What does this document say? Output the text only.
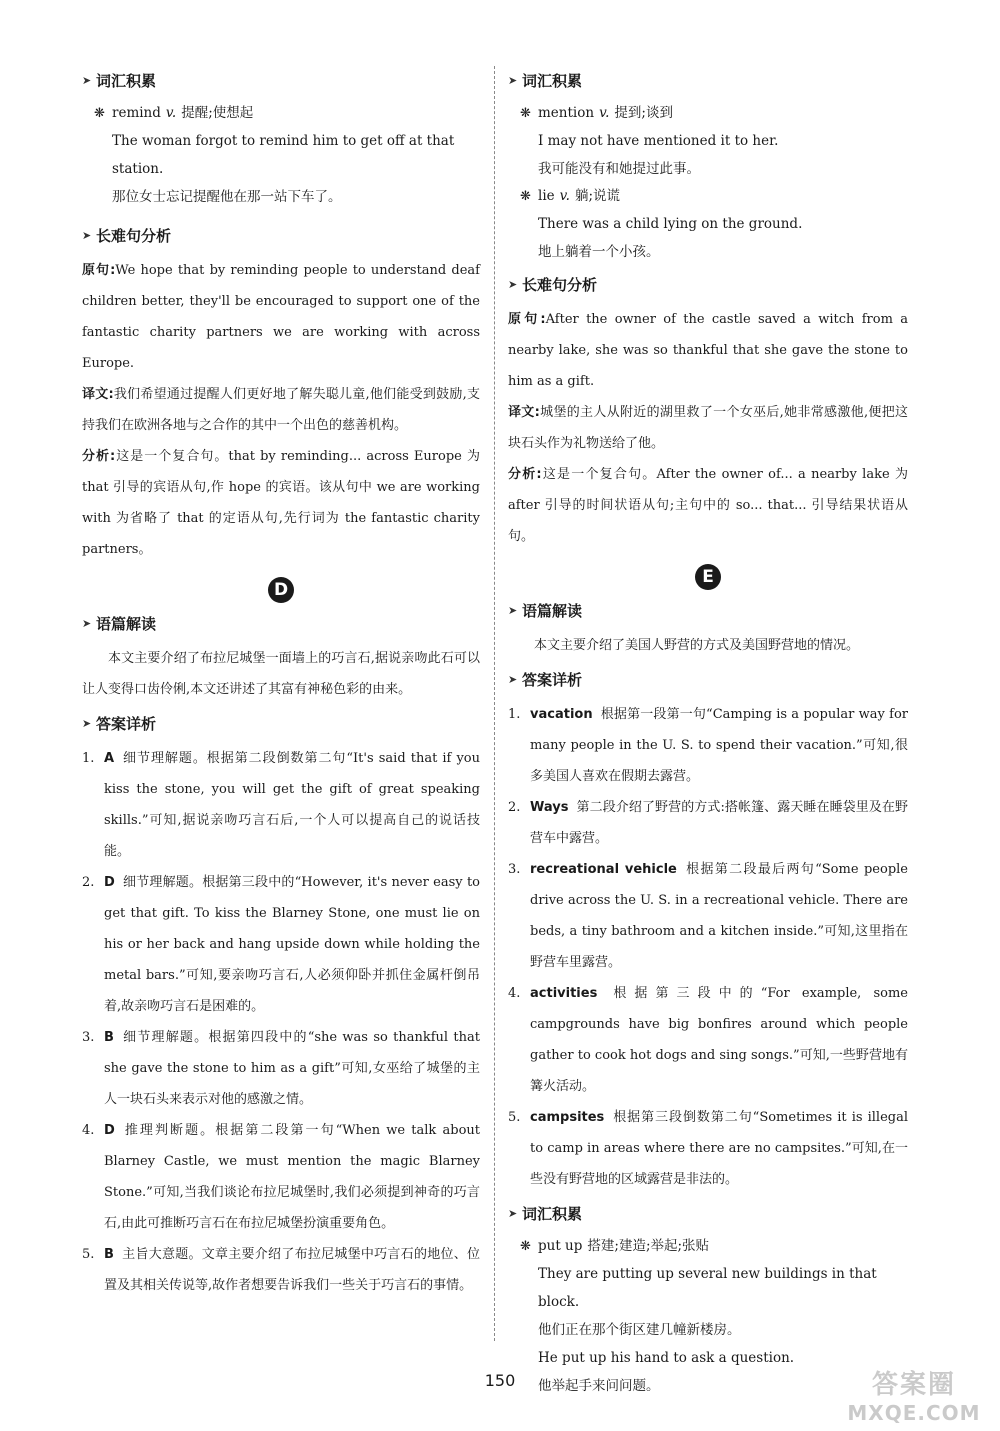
➤ 词汇积累
❋ remind v. 提醒;使想起
The woman forgot to remind him to get off at that station.
那位女士忘记提醒他在那一站下车了。
➤ 长难句分析

原句:We hope that by reminding people to understand deaf children better, they'll be encouraged to support one of the fantastic charity partners we are working with across Europe.

译文:我们希望通过提醒人们更好地了解失聪儿童,他们能受到鼓励,支持我们在欧洲各地与之合作的其中一个出色的慈善机构。

分析:这是一个复合句。that by reminding... across Europe 为 that 引导的宾语从句,作 hope 的宾语。该从句中 we are working with 为省略了 that 的定语从句,先行词为 the fantastic charity partners。

D
➤ 语篇解读

本文主要介绍了布拉尼城堡一面墙上的巧言石,据说亲吻此石可以让人变得口齿伶俐,本文还讲述了其富有神秘色彩的由来。

➤ 答案详析
1. A 细节理解题。根据第二段倒数第二句“It's said that if you kiss the stone, you will get the gift of great speaking skills.”可知,据说亲吻巧言石后,一个人可以提高自己的说话技能。
2. D 细节理解题。根据第三段中的“However, it's never easy to get that gift. To kiss the Blarney Stone, one must lie on his or her back and hang upside down while holding the metal bars.”可知,要亲吻巧言石,人必须仰卧并抓住金属杆倒吊着,故亲吻巧言石是困难的。
3. B 细节理解题。根据第四段中的“she was so thankful that she gave the stone to him as a gift”可知,女巫给了城堡的主人一块石头来表示对他的感激之情。
4. D 推理判断题。根据第二段第一句“When we talk about Blarney Castle, we must mention the magic Blarney Stone.”可知,当我们谈论布拉尼城堡时,我们必须提到神奇的巧言石,由此可推断巧言石在布拉尼城堡扮演重要角色。
5. B 主旨大意题。文章主要介绍了布拉尼城堡中巧言石的地位、位置及其相关传说等,故作者想要告诉我们一些关于巧言石的事情。
➤ 词汇积累
❋ mention v. 提到;谈到
I may not have mentioned it to her.
我可能没有和她提过此事。
❋ lie v. 躺;说谎
There was a child lying on the ground.
地上躺着一个小孩。
➤ 长难句分析

原句:After the owner of the castle saved a witch from a nearby lake, she was so thankful that she gave the stone to him as a gift.

译文:城堡的主人从附近的湖里救了一个女巫后,她非常感激他,便把这块石头作为礼物送给了他。

分析:这是一个复合句。After the owner of... a nearby lake 为 after 引导的时间状语从句;主句中的 so... that... 引导结果状语从句。

E
➤ 语篇解读

本文主要介绍了美国人野营的方式及美国野营地的情况。

➤ 答案详析
1. vacation 根据第一段第一句“Camping is a popular way for many people in the U. S. to spend their vacation.”可知,很多美国人喜欢在假期去露营。
2. Ways 第二段介绍了野营的方式:搭帐篷、露天睡在睡袋里及在野营车中露营。
3. recreational vehicle 根据第二段最后两句“Some people drive across the U. S. in a recreational vehicle. There are beds, a tiny bathroom and a kitchen inside.”可知,这里指在野营车里露营。
4. activities 根据第三段中的“For example, some campgrounds have big bonfires around which people gather to cook hot dogs and sing songs.”可知,一些野营地有篝火活动。
5. campsites 根据第三段倒数第二句“Sometimes it is illegal to camp in areas where there are no campsites.”可知,在一些没有野营地的区域露营是非法的。
➤ 词汇积累
❋ put up 搭建;建造;举起;张贴
They are putting up several new buildings in that block.
他们正在那个街区建几幢新楼房。
He put up his hand to ask a question.
他举起手来问问题。
150	答案圈
MXQE.COM
